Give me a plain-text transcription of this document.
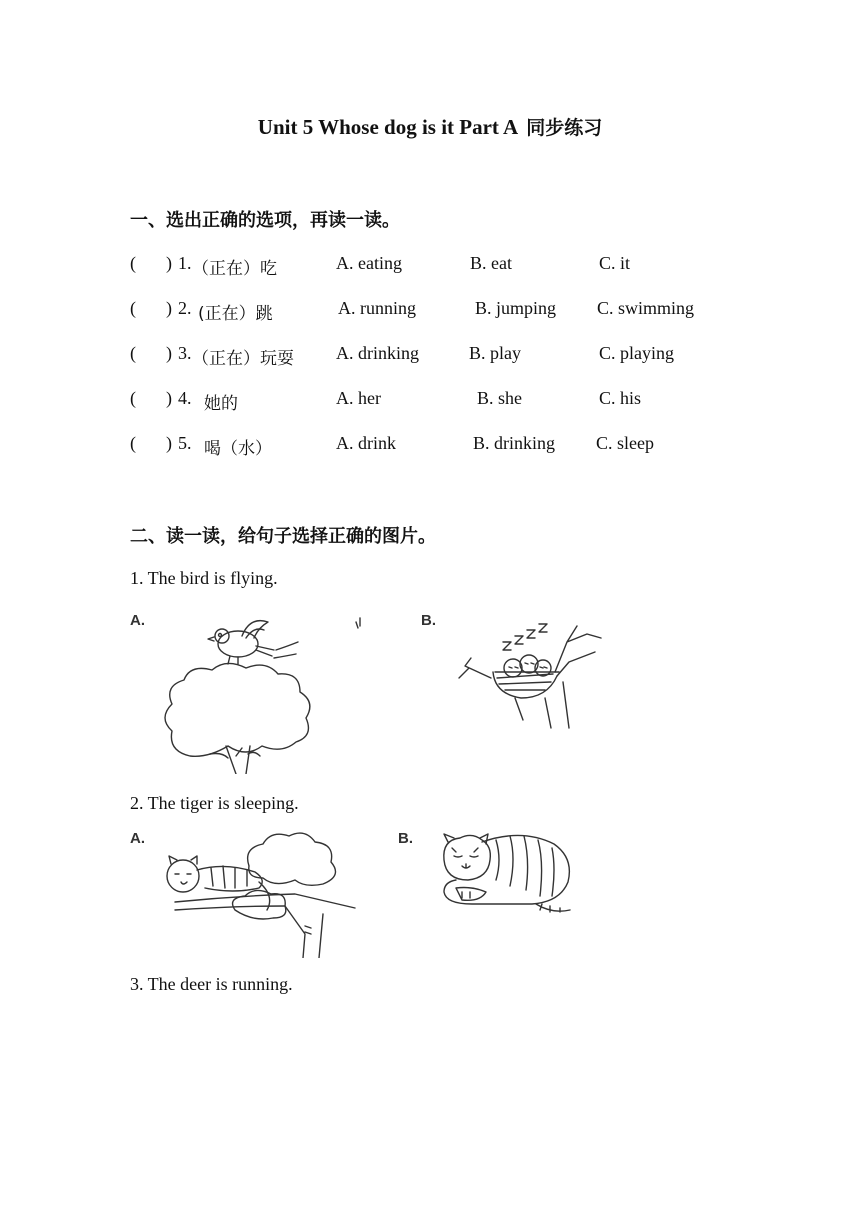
Unit 5 Whose dog is it Part A 同步练习
一、选出正确的选项，再读一读。
( ) 1. （正在）吃	A. eating	B. eat	C. it
( ) 2. (正在）跳	A. running	B. jumping C. swimming
( ) 3. （正在）玩耍 A. drinking	B. play	C. playing
( ) 4. 她的	A. her	B. she	C. his
( ) 5. 喝（水）	A. drink	B. drinking C. sleep
二、读一读，给句子选择正确的图片。
1. The bird is flying.
A.	B.
2. The tiger is sleeping.
A.	B.
3. The deer is running.
